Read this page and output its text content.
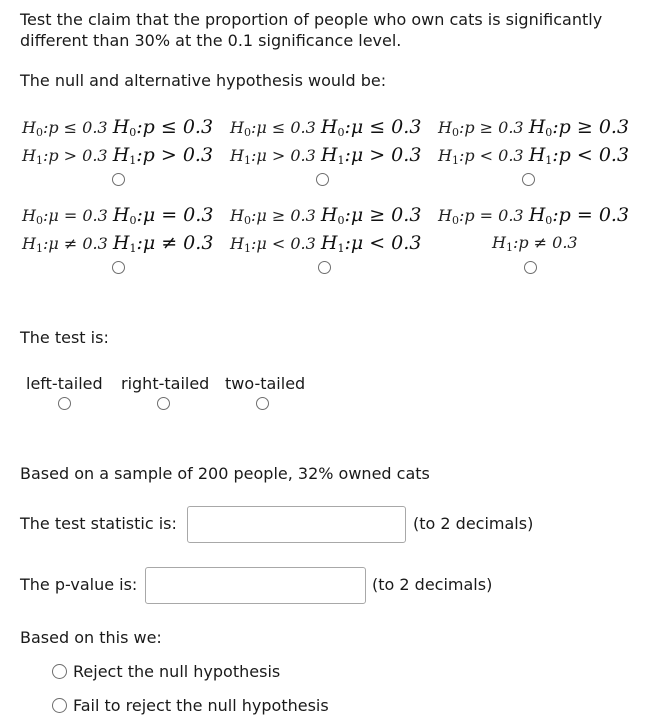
Test the claim that the proportion of people who own cats is significantly
different than 30% at the 0.1 significance level.
The null and alternative hypothesis would be:
$H_0:p \le 0.3$ $H_0:p \le 0.3$
$H_1:p > 0.3$ $H_1:p > 0.3$
$H_0:\mu \le 0.3$ $H_0:\mu \le 0.3$
$H_1:\mu > 0.3$ $H_1:\mu > 0.3$
$H_0:p \ge 0.3$ $H_0:p \ge 0.3$
$H_1:p < 0.3$ $H_1:p < 0.3$
$H_0:\mu = 0.3$ $H_0:\mu = 0.3$
$H_1:\mu \ne 0.3$ $H_1:\mu \ne 0.3$
$H_0:\mu \ge 0.3$ $H_0:\mu \ge 0.3$
$H_1:\mu < 0.3$ $H_1:\mu < 0.3$
$H_0:p = 0.3$ $H_0:p = 0.3$
$H_1:p \ne 0.3$
The test is:
left-tailed right-tailed two-tailed
Based on a sample of 200 people, 32% owned cats
The test statistic is:	(to 2 decimals)
The p-value is:	(to 2 decimals)
Based on this we:
Reject the null hypothesis
Fail to reject the null hypothesis
